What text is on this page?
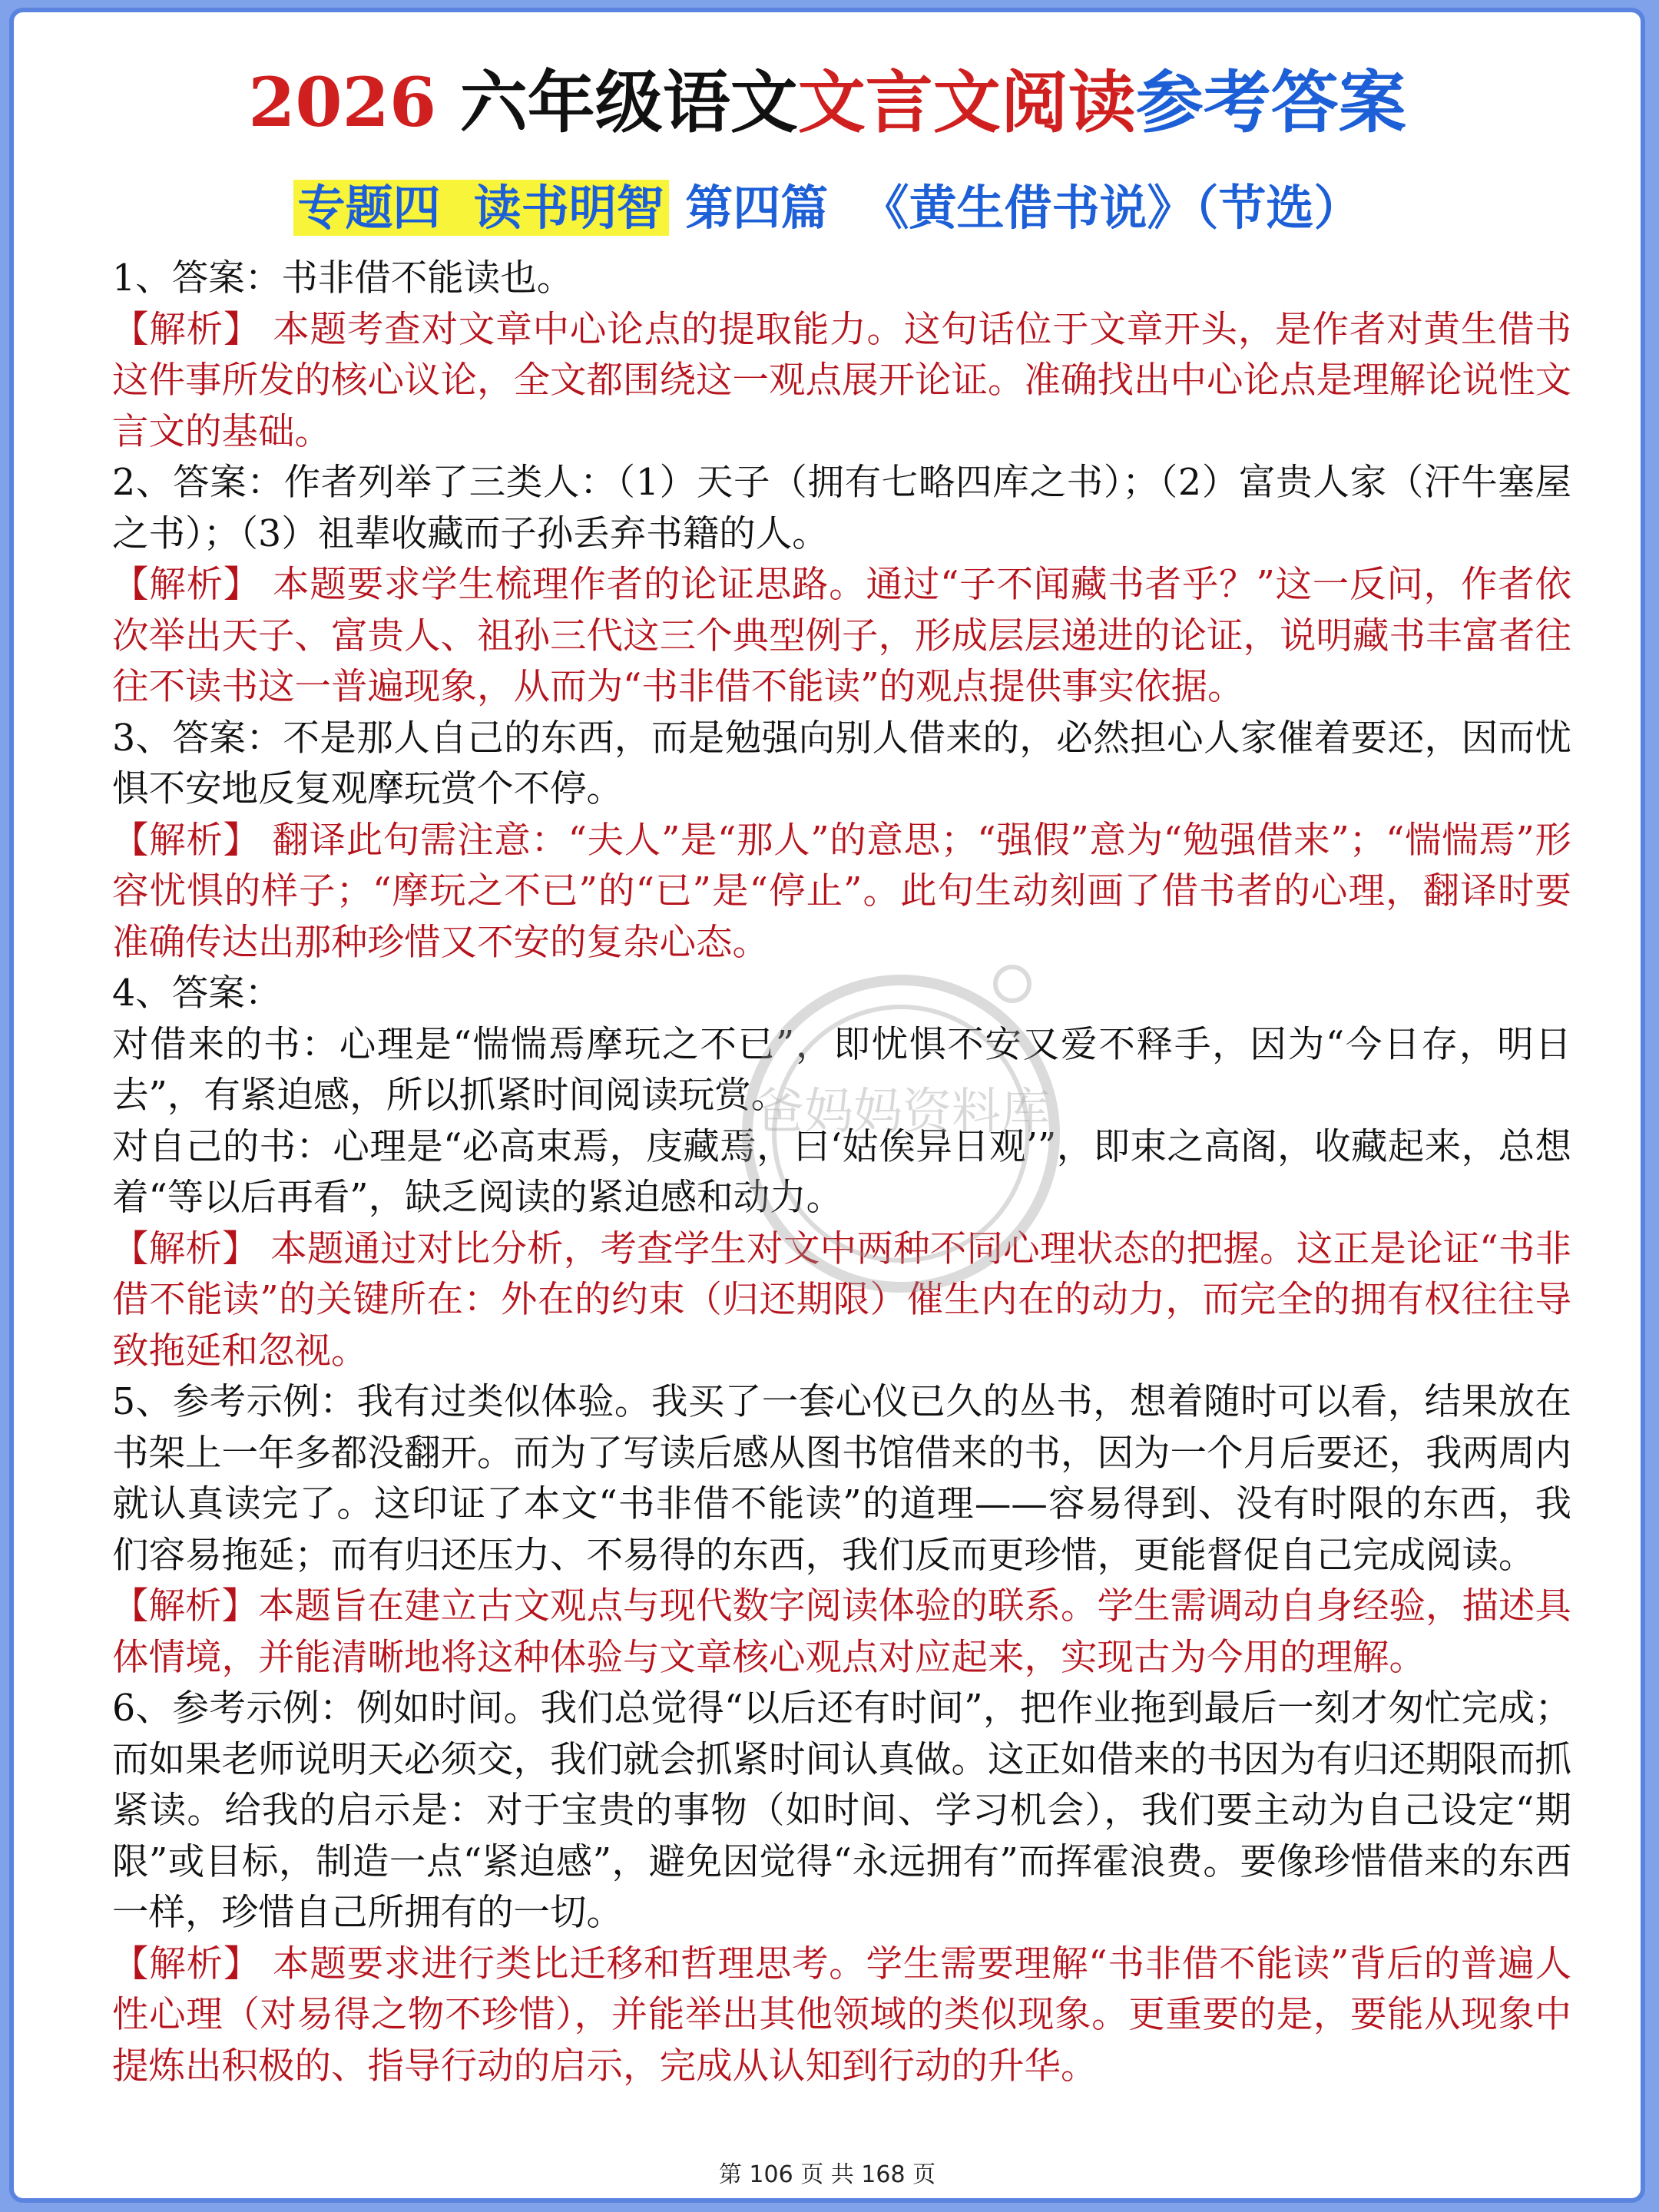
2026 六年级语文文言文阅读参考答案
专题四  读书明智 第四篇  《黄生借书说》（节选）

1、答案：书非借不能读也。

【解析】 本题考查对文章中心论点的提取能力。这句话位于文章开头，是作者对黄生借书这件事所发的核心议论，全文都围绕这一观点展开论证。准确找出中心论点是理解论说性文言文的基础。

2、答案：作者列举了三类人：（1）天子（拥有七略四库之书）；（2）富贵人家（汗牛塞屋之书）；（3）祖辈收藏而子孙丢弃书籍的人。

【解析】 本题要求学生梳理作者的论证思路。通过“子不闻藏书者乎？”这一反问，作者依次举出天子、富贵人、祖孙三代这三个典型例子，形成层层递进的论证，说明藏书丰富者往往不读书这一普遍现象，从而为“书非借不能读”的观点提供事实依据。

3、答案：不是那人自己的东西，而是勉强向别人借来的，必然担心人家催着要还，因而忧惧不安地反复观摩玩赏个不停。

【解析】 翻译此句需注意：“夫人”是“那人”的意思；“强假”意为“勉强借来”；“惴惴焉”形容忧惧的样子；“摩玩之不已”的“已”是“停止”。此句生动刻画了借书者的心理，翻译时要准确传达出那种珍惜又不安的复杂心态。

4、答案：

对借来的书：心理是“惴惴焉摩玩之不已”，即忧惧不安又爱不释手，因为“今日存，明日去”，有紧迫感，所以抓紧时间阅读玩赏。

对自己的书：心理是“必高束焉，庋藏焉，曰‘姑俟异日观’”，即束之高阁，收藏起来，总想着“等以后再看”，缺乏阅读的紧迫感和动力。

【解析】 本题通过对比分析，考查学生对文中两种不同心理状态的把握。这正是论证“书非借不能读”的关键所在：外在的约束（归还期限）催生内在的动力，而完全的拥有权往往导致拖延和忽视。

5、参考示例：我有过类似体验。我买了一套心仪已久的丛书，想着随时可以看，结果放在书架上一年多都没翻开。而为了写读后感从图书馆借来的书，因为一个月后要还，我两周内就认真读完了。这印证了本文“书非借不能读”的道理——容易得到、没有时限的东西，我们容易拖延；而有归还压力、不易得的东西，我们反而更珍惜，更能督促自己完成阅读。

【解析】本题旨在建立古文观点与现代数字阅读体验的联系。学生需调动自身经验，描述具体情境，并能清晰地将这种体验与文章核心观点对应起来，实现古为今用的理解。

6、参考示例：例如时间。我们总觉得“以后还有时间”，把作业拖到最后一刻才匆忙完成；而如果老师说明天必须交，我们就会抓紧时间认真做。这正如借来的书因为有归还期限而抓紧读。给我的启示是：对于宝贵的事物（如时间、学习机会），我们要主动为自己设定“期限”或目标，制造一点“紧迫感”，避免因觉得“永远拥有”而挥霍浪费。要像珍惜借来的东西一样，珍惜自己所拥有的一切。

【解析】 本题要求进行类比迁移和哲理思考。学生需要理解“书非借不能读”背后的普遍人性心理（对易得之物不珍惜），并能举出其他领域的类似现象。更重要的是，要能从现象中提炼出积极的、指导行动的启示，完成从认知到行动的升华。

爸妈妈资料库
第 106 页 共 168 页
